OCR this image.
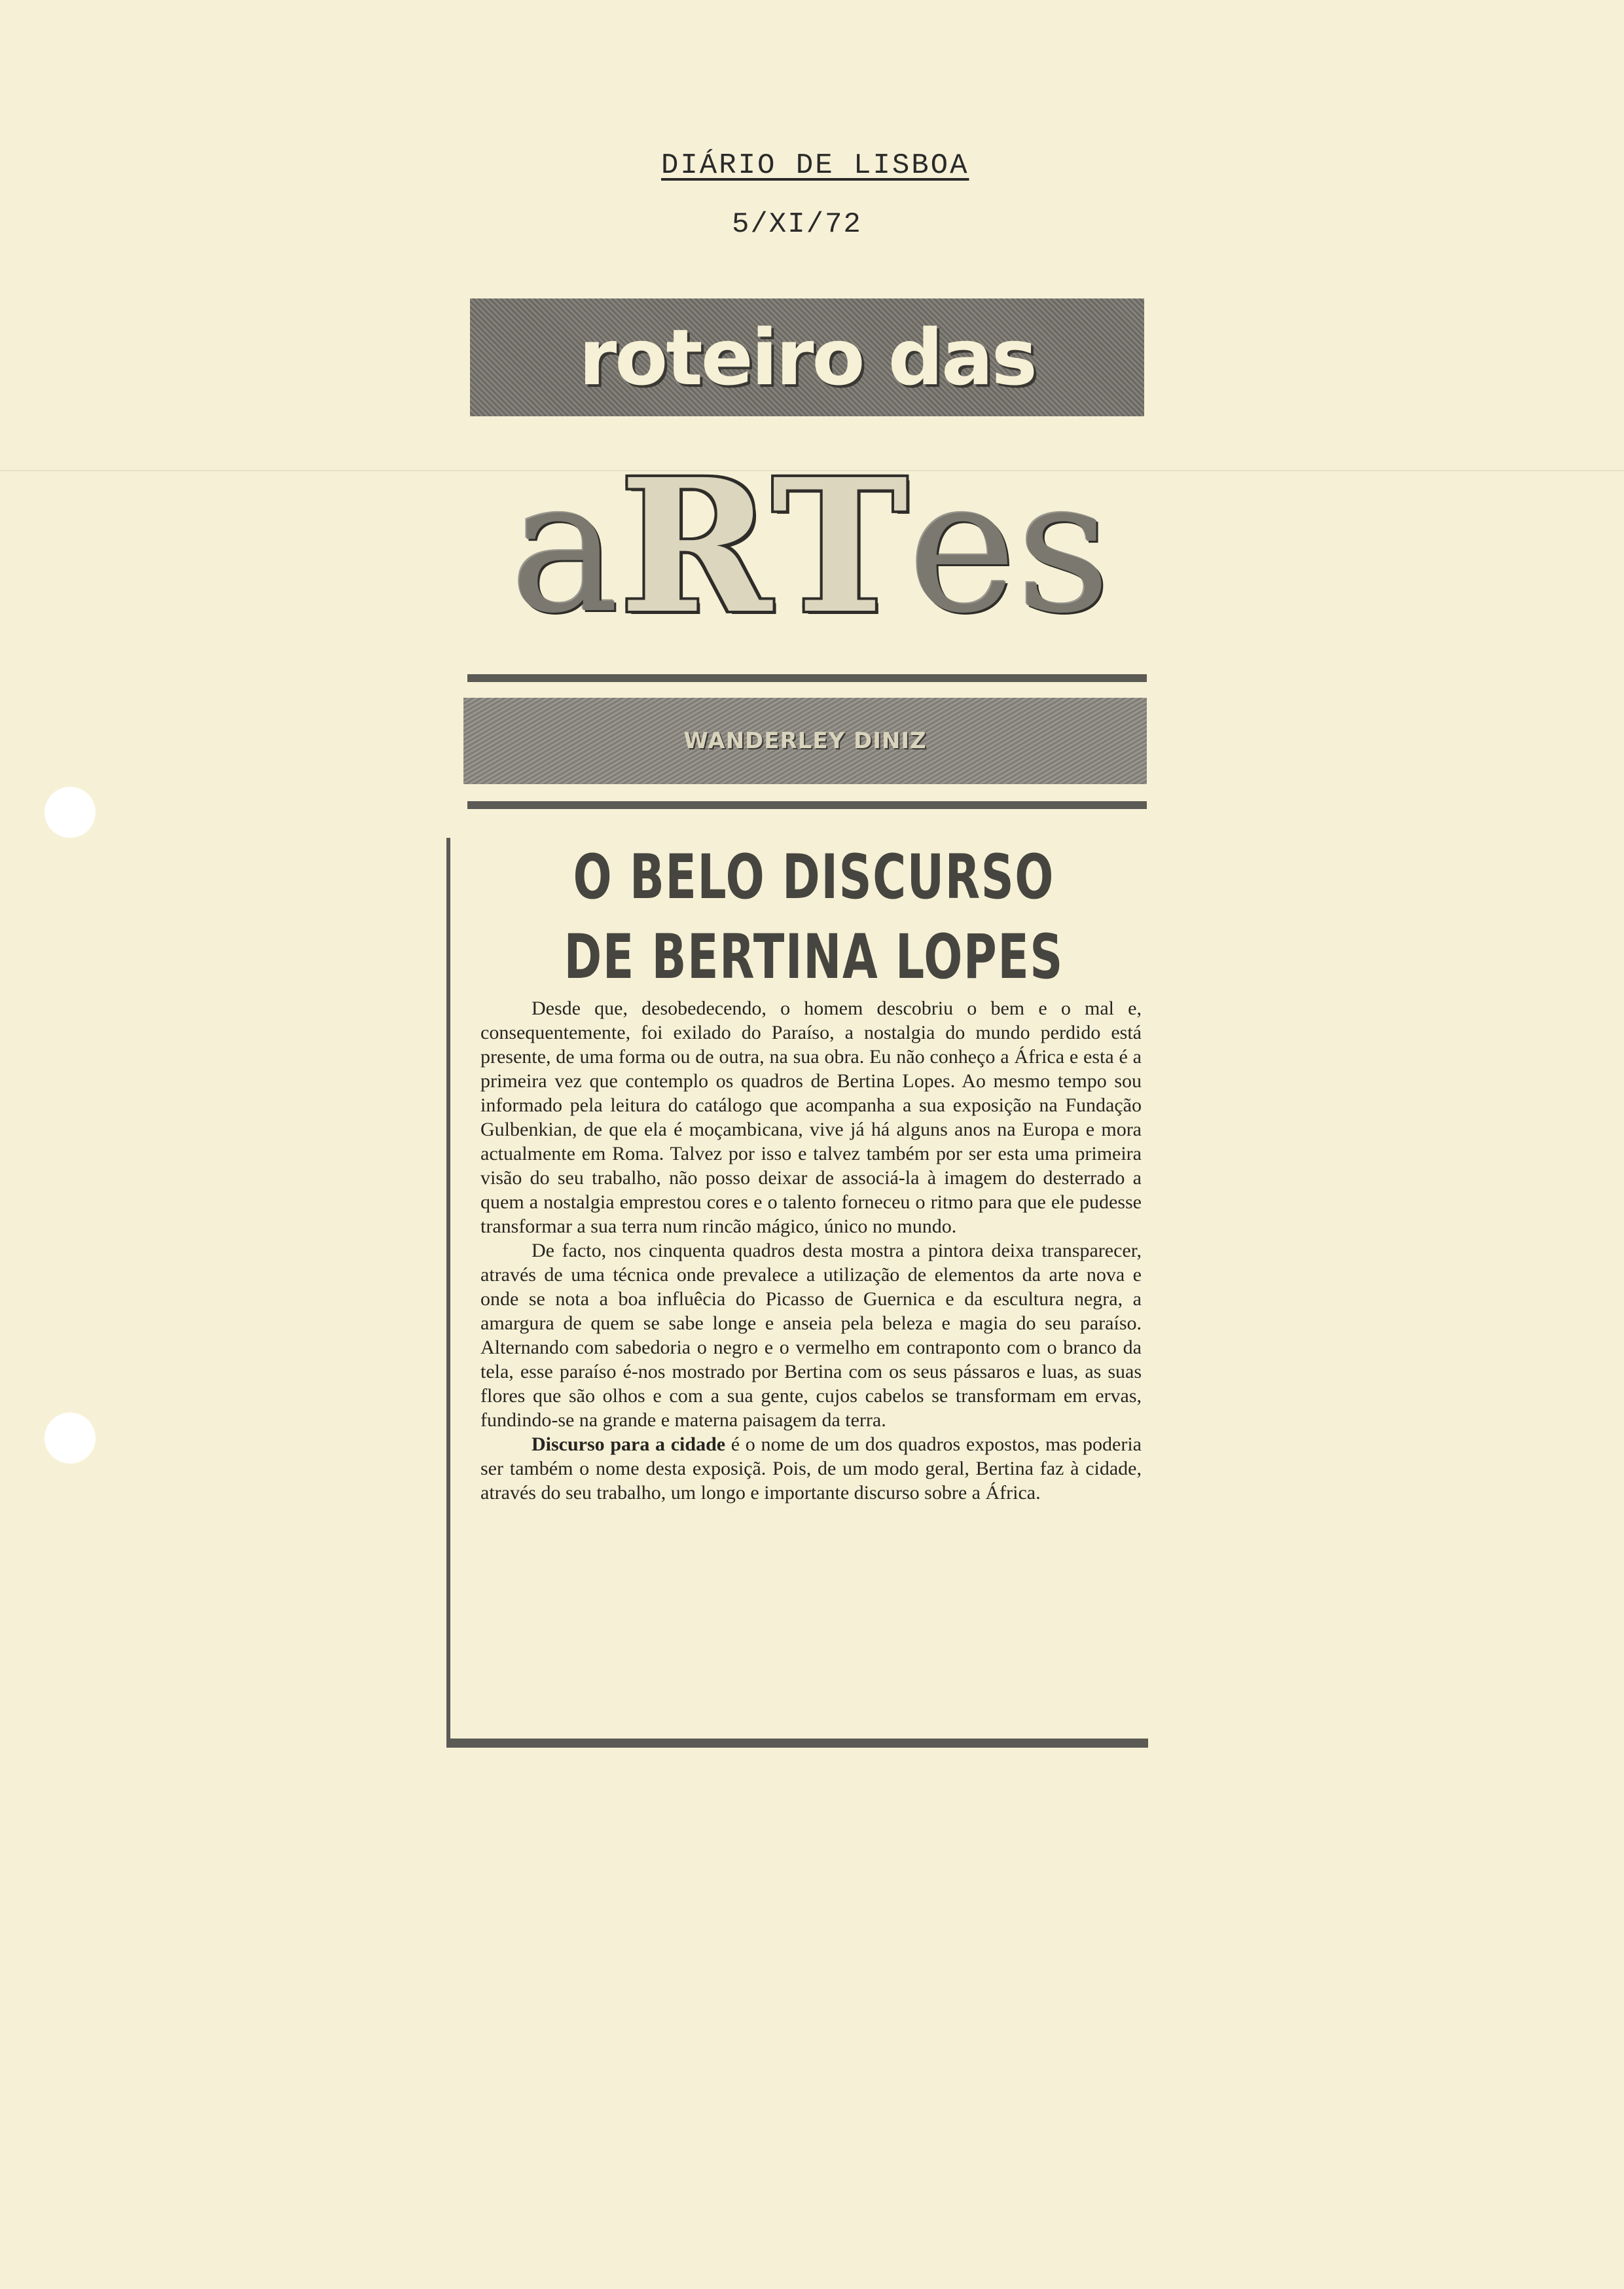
DIÁRIO DE LISBOA
5/XI/72
roteiro das
a R T es
WANDERLEY DINIZ
O BELO DISCURSO
DE BERTINA LOPES

Desde que, desobedecendo, o homem descobriu o bem e o mal e, consequentemente, foi exilado do Paraíso, a nostalgia do mundo perdido está presente, de uma forma ou de outra, na sua obra. Eu não conheço a África e esta é a primeira vez que contemplo os quadros de Bertina Lopes. Ao mesmo tempo sou informado pela leitura do catálogo que acompanha a sua exposição na Fundação Gulbenkian, de que ela é moçambicana, vive já há alguns anos na Europa e mora actualmente em Roma. Talvez por isso e talvez também por ser esta uma primeira visão do seu trabalho, não posso deixar de associá-la à imagem do desterrado a quem a nostalgia emprestou cores e o talento forneceu o ritmo para que ele pudesse transformar a sua terra num rincão mágico, único no mundo.

De facto, nos cinquenta quadros desta mostra a pintora deixa transparecer, através de uma técnica onde prevalece a utilização de elementos da arte nova e onde se nota a boa influêcia do Picasso de Guernica e da escultura negra, a amargura de quem se sabe longe e anseia pela beleza e magia do seu paraíso. Alternando com sabedoria o negro e o vermelho em contraponto com o branco da tela, esse paraíso é-nos mostrado por Bertina com os seus pássaros e luas, as suas flores que são olhos e com a sua gente, cujos cabelos se transformam em ervas, fundindo-se na grande e materna paisagem da terra.

Discurso para a cidade é o nome de um dos quadros expostos, mas poderia ser também o nome desta exposiçã. Pois, de um modo geral, Bertina faz à cidade, através do seu trabalho, um longo e importante discurso sobre a África.
